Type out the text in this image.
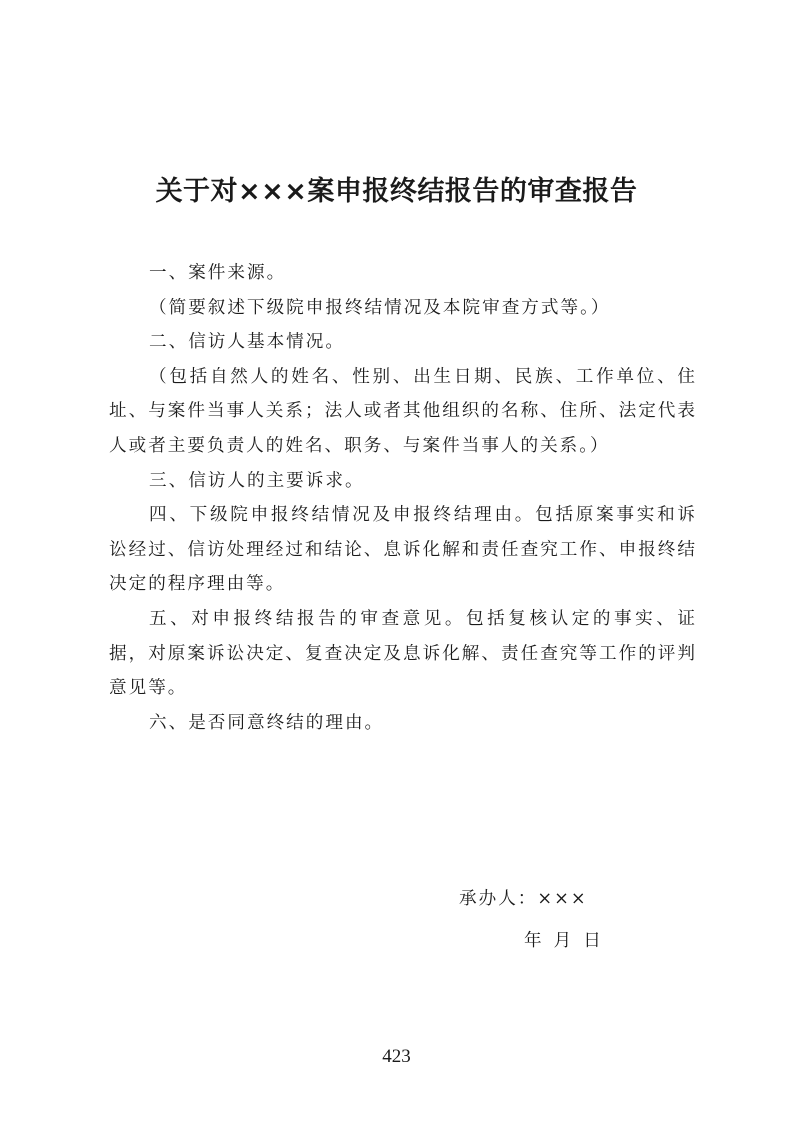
关于对×××案申报终结报告的审查报告

一、案件来源。

（简要叙述下级院申报终结情况及本院审查方式等。）

二、信访人基本情况。

（包括自然人的姓名、性别、出生日期、民族、工作单位、住址、与案件当事人关系；法人或者其他组织的名称、住所、法定代表人或者主要负责人的姓名、职务、与案件当事人的关系。）

三、信访人的主要诉求。

四、下级院申报终结情况及申报终结理由。包括原案事实和诉讼经过、信访处理经过和结论、息诉化解和责任查究工作、申报终结决定的程序理由等。

五、对申报终结报告的审查意见。包括复核认定的事实、证据，对原案诉讼决定、复查决定及息诉化解、责任查究等工作的评判意见等。

六、是否同意终结的理由。

承办人：×××
年 月 日
423
